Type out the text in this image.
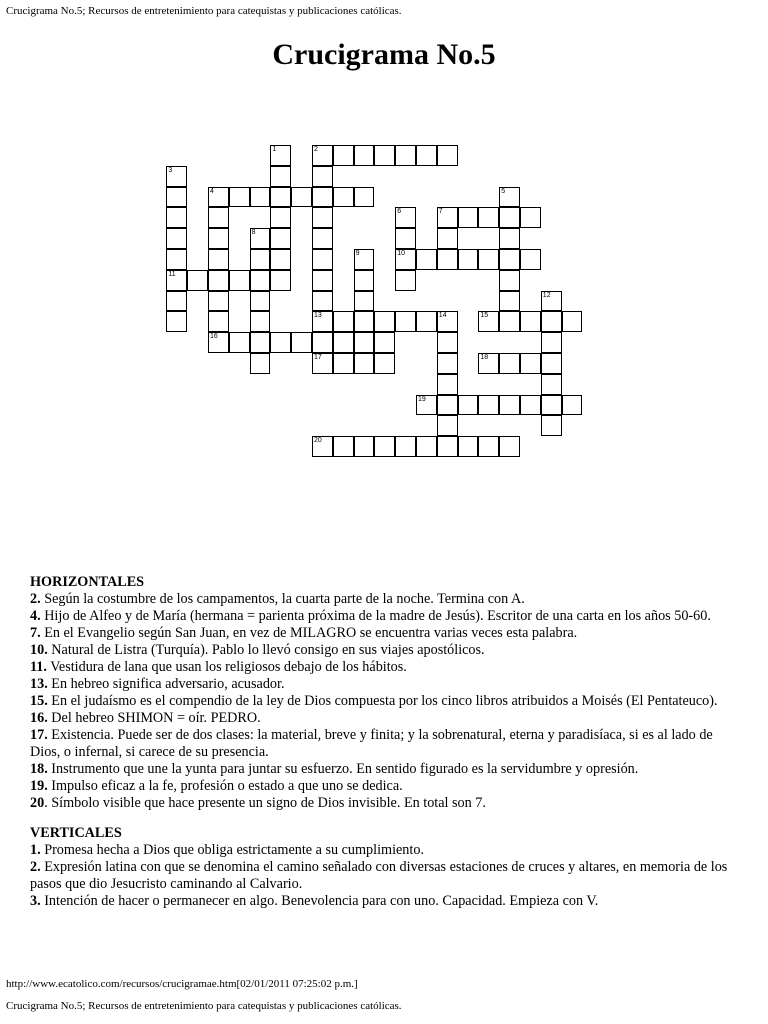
Crucigrama No.5; Recursos de entretenimiento para catequistas y publicaciones católicas.
Crucigrama No.5
1	2
3
4	5
6	7
8
9	10
11
12
13	14	15
16
17	18
19
20

HORIZONTALES

2. Según la costumbre de los campamentos, la cuarta parte de la noche. Termina con A.

4. Hijo de Alfeo y de María (hermana = parienta próxima de la madre de Jesús). Escritor de una carta en los años 50-60.

7. En el Evangelio según San Juan, en vez de MILAGRO se encuentra varias veces esta palabra.

10. Natural de Listra (Turquía). Pablo lo llevó consigo en sus viajes apostólicos.

11. Vestidura de lana que usan los religiosos debajo de los hábitos.

13. En hebreo significa adversario, acusador.

15. En el judaísmo es el compendio de la ley de Dios compuesta por los cinco libros atribuidos a Moisés (El Pentateuco).

16. Del hebreo SHIMON = oír. PEDRO.

17. Existencia. Puede ser de dos clases: la material, breve y finita; y la sobrenatural, eterna y paradisíaca, si es al lado de Dios, o infernal, si carece de su presencia.

18. Instrumento que une la yunta para juntar su esfuerzo. En sentido figurado es la servidumbre y opresión.

19. Impulso eficaz a la fe, profesión o estado a que uno se dedica.

20. Símbolo visible que hace presente un signo de Dios invisible. En total son 7.

VERTICALES

1. Promesa hecha a Dios que obliga estrictamente a su cumplimiento.

2. Expresión latina con que se denomina el camino señalado con diversas estaciones de cruces y altares, en memoria de los pasos que dio Jesucristo caminando al Calvario.

3. Intención de hacer o permanecer en algo. Benevolencia para con uno. Capacidad. Empieza con V.

http://www.ecatolico.com/recursos/crucigramae.htm[02/01/2011 07:25:02 p.m.]
Crucigrama No.5; Recursos de entretenimiento para catequistas y publicaciones católicas.
